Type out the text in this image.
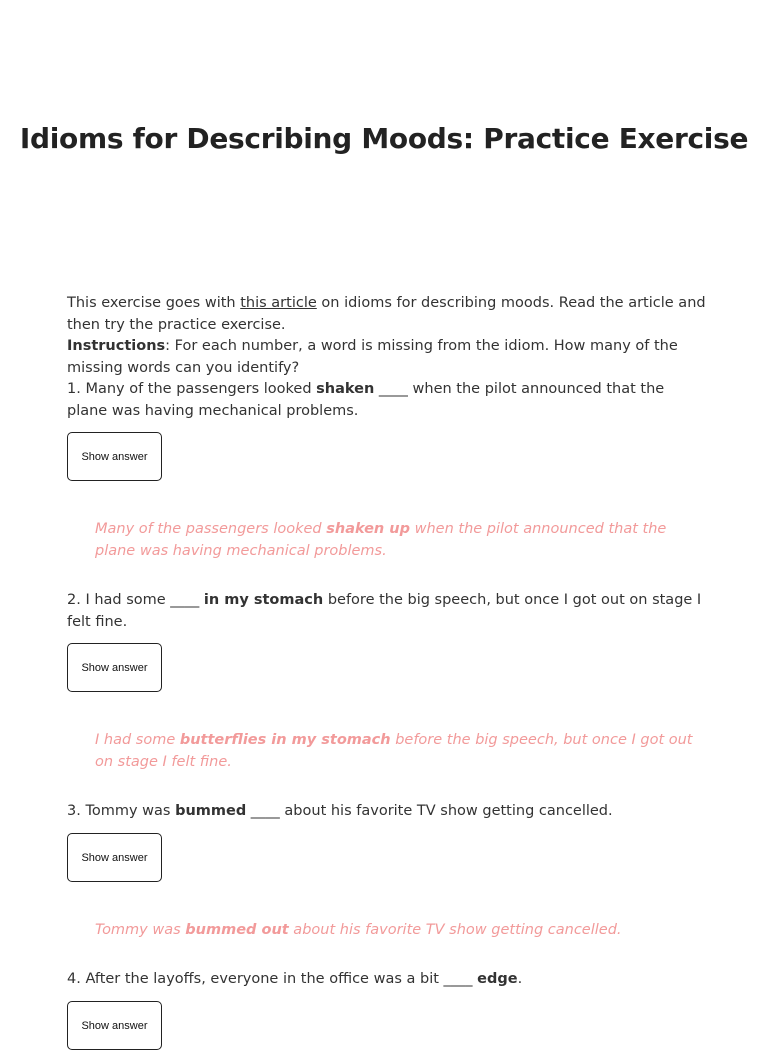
Idioms for Describing Moods: Practice Exercise

This exercise goes with this article on idioms for describing moods. Read the article and then try the practice exercise.

Instructions: For each number, a word is missing from the idiom. How many of the missing words can you identify?

1. Many of the passengers looked shaken ____ when the pilot announced that the plane was having mechanical problems.

Show answer

Many of the passengers looked shaken up when the pilot announced that the plane was having mechanical problems.

2. I had some ____ in my stomach before the big speech, but once I got out on stage I felt fine.

Show answer

I had some butterflies in my stomach before the big speech, but once I got out on stage I felt fine.

3. Tommy was bummed ____ about his favorite TV show getting cancelled.

Show answer

Tommy was bummed out about his favorite TV show getting cancelled.

4. After the layoffs, everyone in the office was a bit ____ edge.

Show answer
